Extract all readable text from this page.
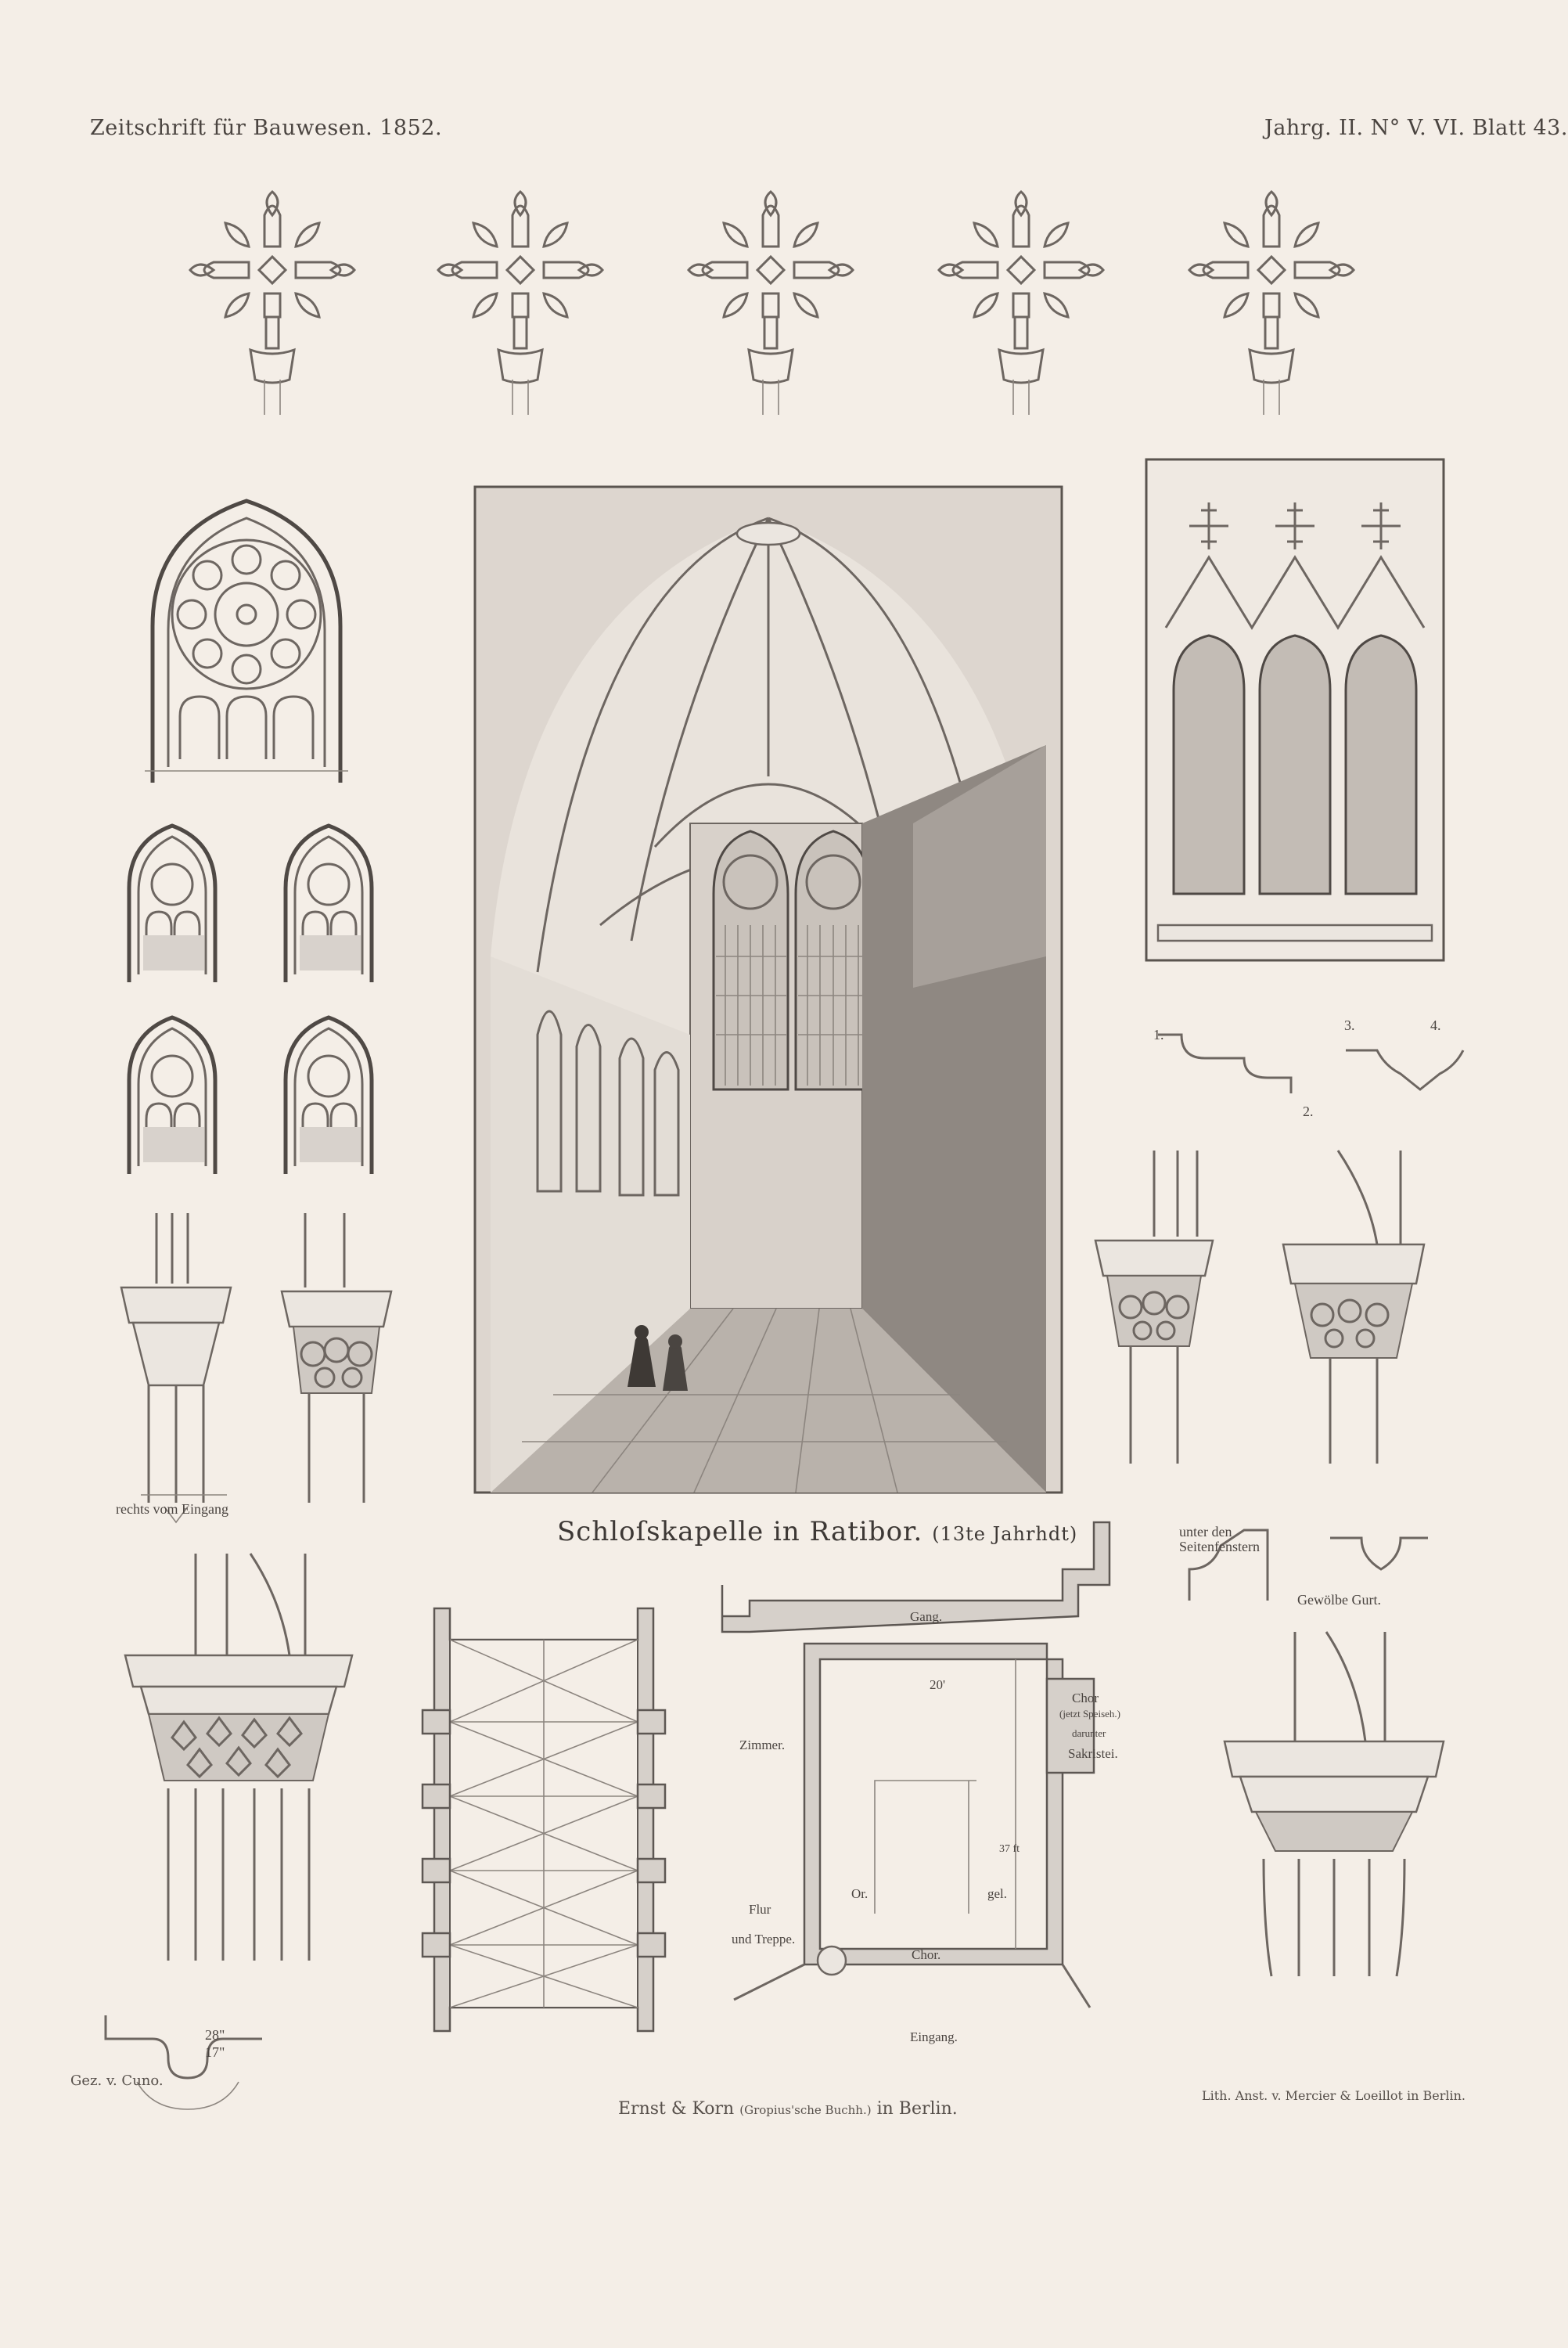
Zeitschrift für Bauwesen. 1852.	Jahrg. II. N° V. VI. Blatt 43.
rechts vom Eingang
28"
17"
Schloſskapelle in Ratibor. (13te Jahrhdt)
1.
2.
3.	4.
unter den
Seitenfenstern
Gewölbe Gurt.
Gang.
20'
Zimmer.
Chor
(jetzt Speiseh.)
darunter
Sakristei.
37 ft
Or.	gel.
Flur
und Treppe.
Chor.
Eingang.
Gez. v. Cuno.
Ernst & Korn (Gropius'sche Buchh.) in Berlin.
Lith. Anst. v. Mercier & Loeillot in Berlin.
